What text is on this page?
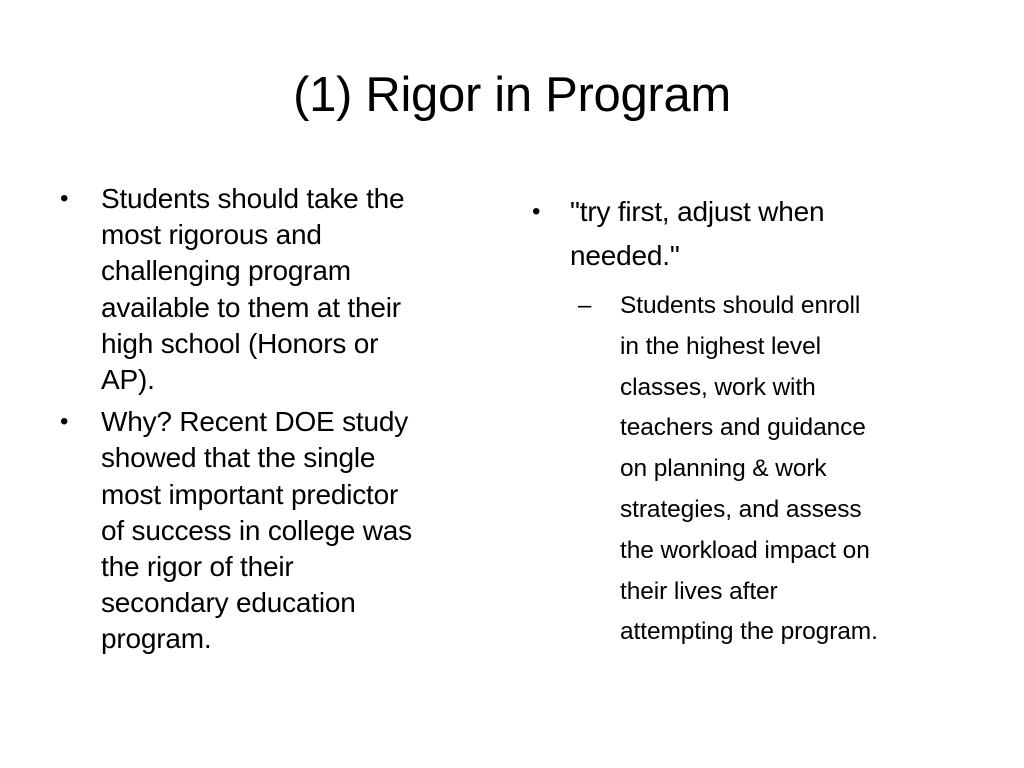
(1) Rigor in Program
•	Students should take the
most rigorous and
challenging program
available to them at their
high school (Honors or
AP).
•	Why? Recent DOE study
showed that the single
most important predictor
of success in college was
the rigor of their
secondary education
program.
•	"try first, adjust when
needed."
– Students should enroll
in the highest level
classes, work with
teachers and guidance
on planning & work
strategies, and assess
the workload impact on
their lives after
attempting the program.
